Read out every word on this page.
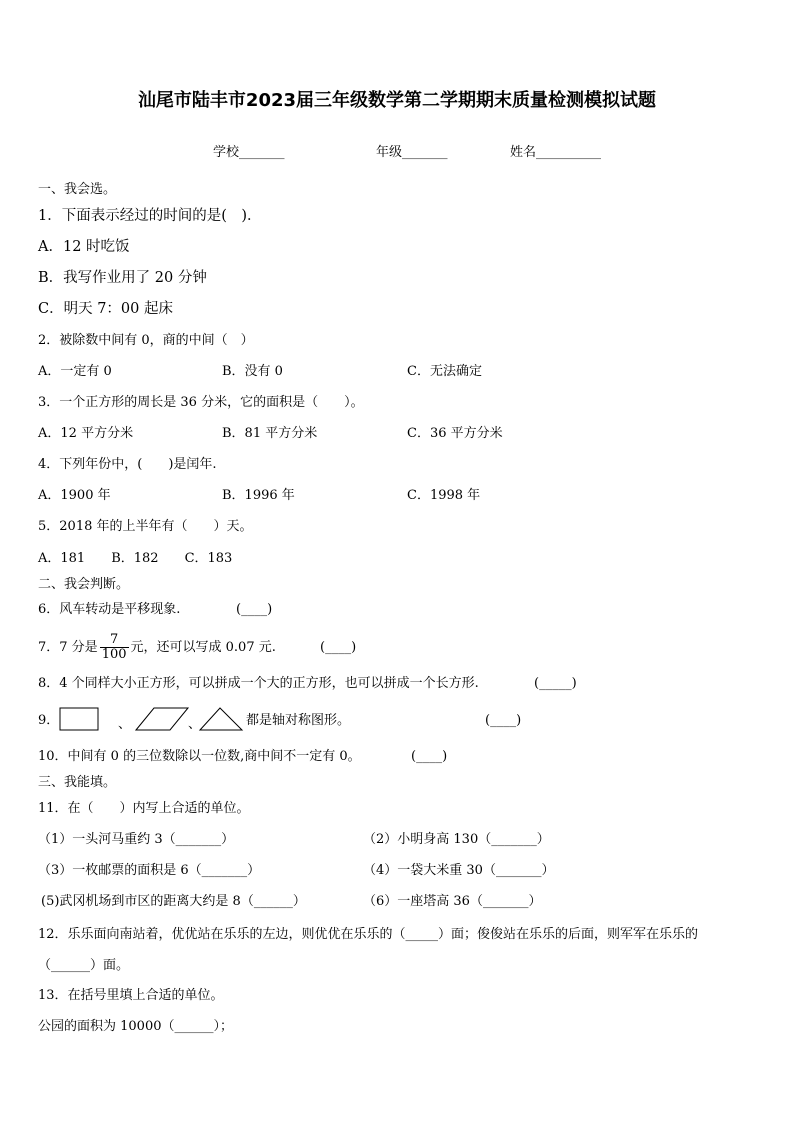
汕尾市陆丰市2023届三年级数学第二学期期末质量检测模拟试题
学校_______	年级_______	姓名__________
一、我会选。
1．下面表示经过的时间的是(　)．
A．12 时吃饭
B．我写作业用了 20 分钟
C．明天 7：00 起床
2．被除数中间有 0，商的中间（　）
A．一定有 0	B．没有 0	C．无法确定
3．一个正方形的周长是 36 分米，它的面积是（　　）。
A．12 平方分米	B．81 平方分米	C．36 平方分米
4．下列年份中，(　　)是闰年.
A．1900 年	B．1996 年	C．1998 年
5．2018 年的上半年有（　　）天。
A．181　　B．182　　C．183
二、我会判断。
6．风车转动是平移现象.	(____)
7．7 分是 $\frac{7}{100}$ 元，还可以写成 0.07 元.	(____)
8．4 个同样大小正方形，可以拼成一个大的正方形，也可以拼成一个长方形.	(_____)
9．	、	、	都是轴对称图形。	(____)
10．中间有 0 的三位数除以一位数,商中间不一定有 0。	(____)
三、我能填。
11．在（　　）内写上合适的单位。
（1）一头河马重约 3（_______）	（2）小明身高 130（_______）
（3）一枚邮票的面积是 6（_______）	（4）一袋大米重 30（_______）
(5)武冈机场到市区的距离大约是 8（______）	（6）一座塔高 36（_______）
12．乐乐面向南站着，优优站在乐乐的左边，则优优在乐乐的（_____）面；俊俊站在乐乐的后面，则军军在乐乐的
（______）面。
13．在括号里填上合适的单位。
公园的面积为 10000（______）；
